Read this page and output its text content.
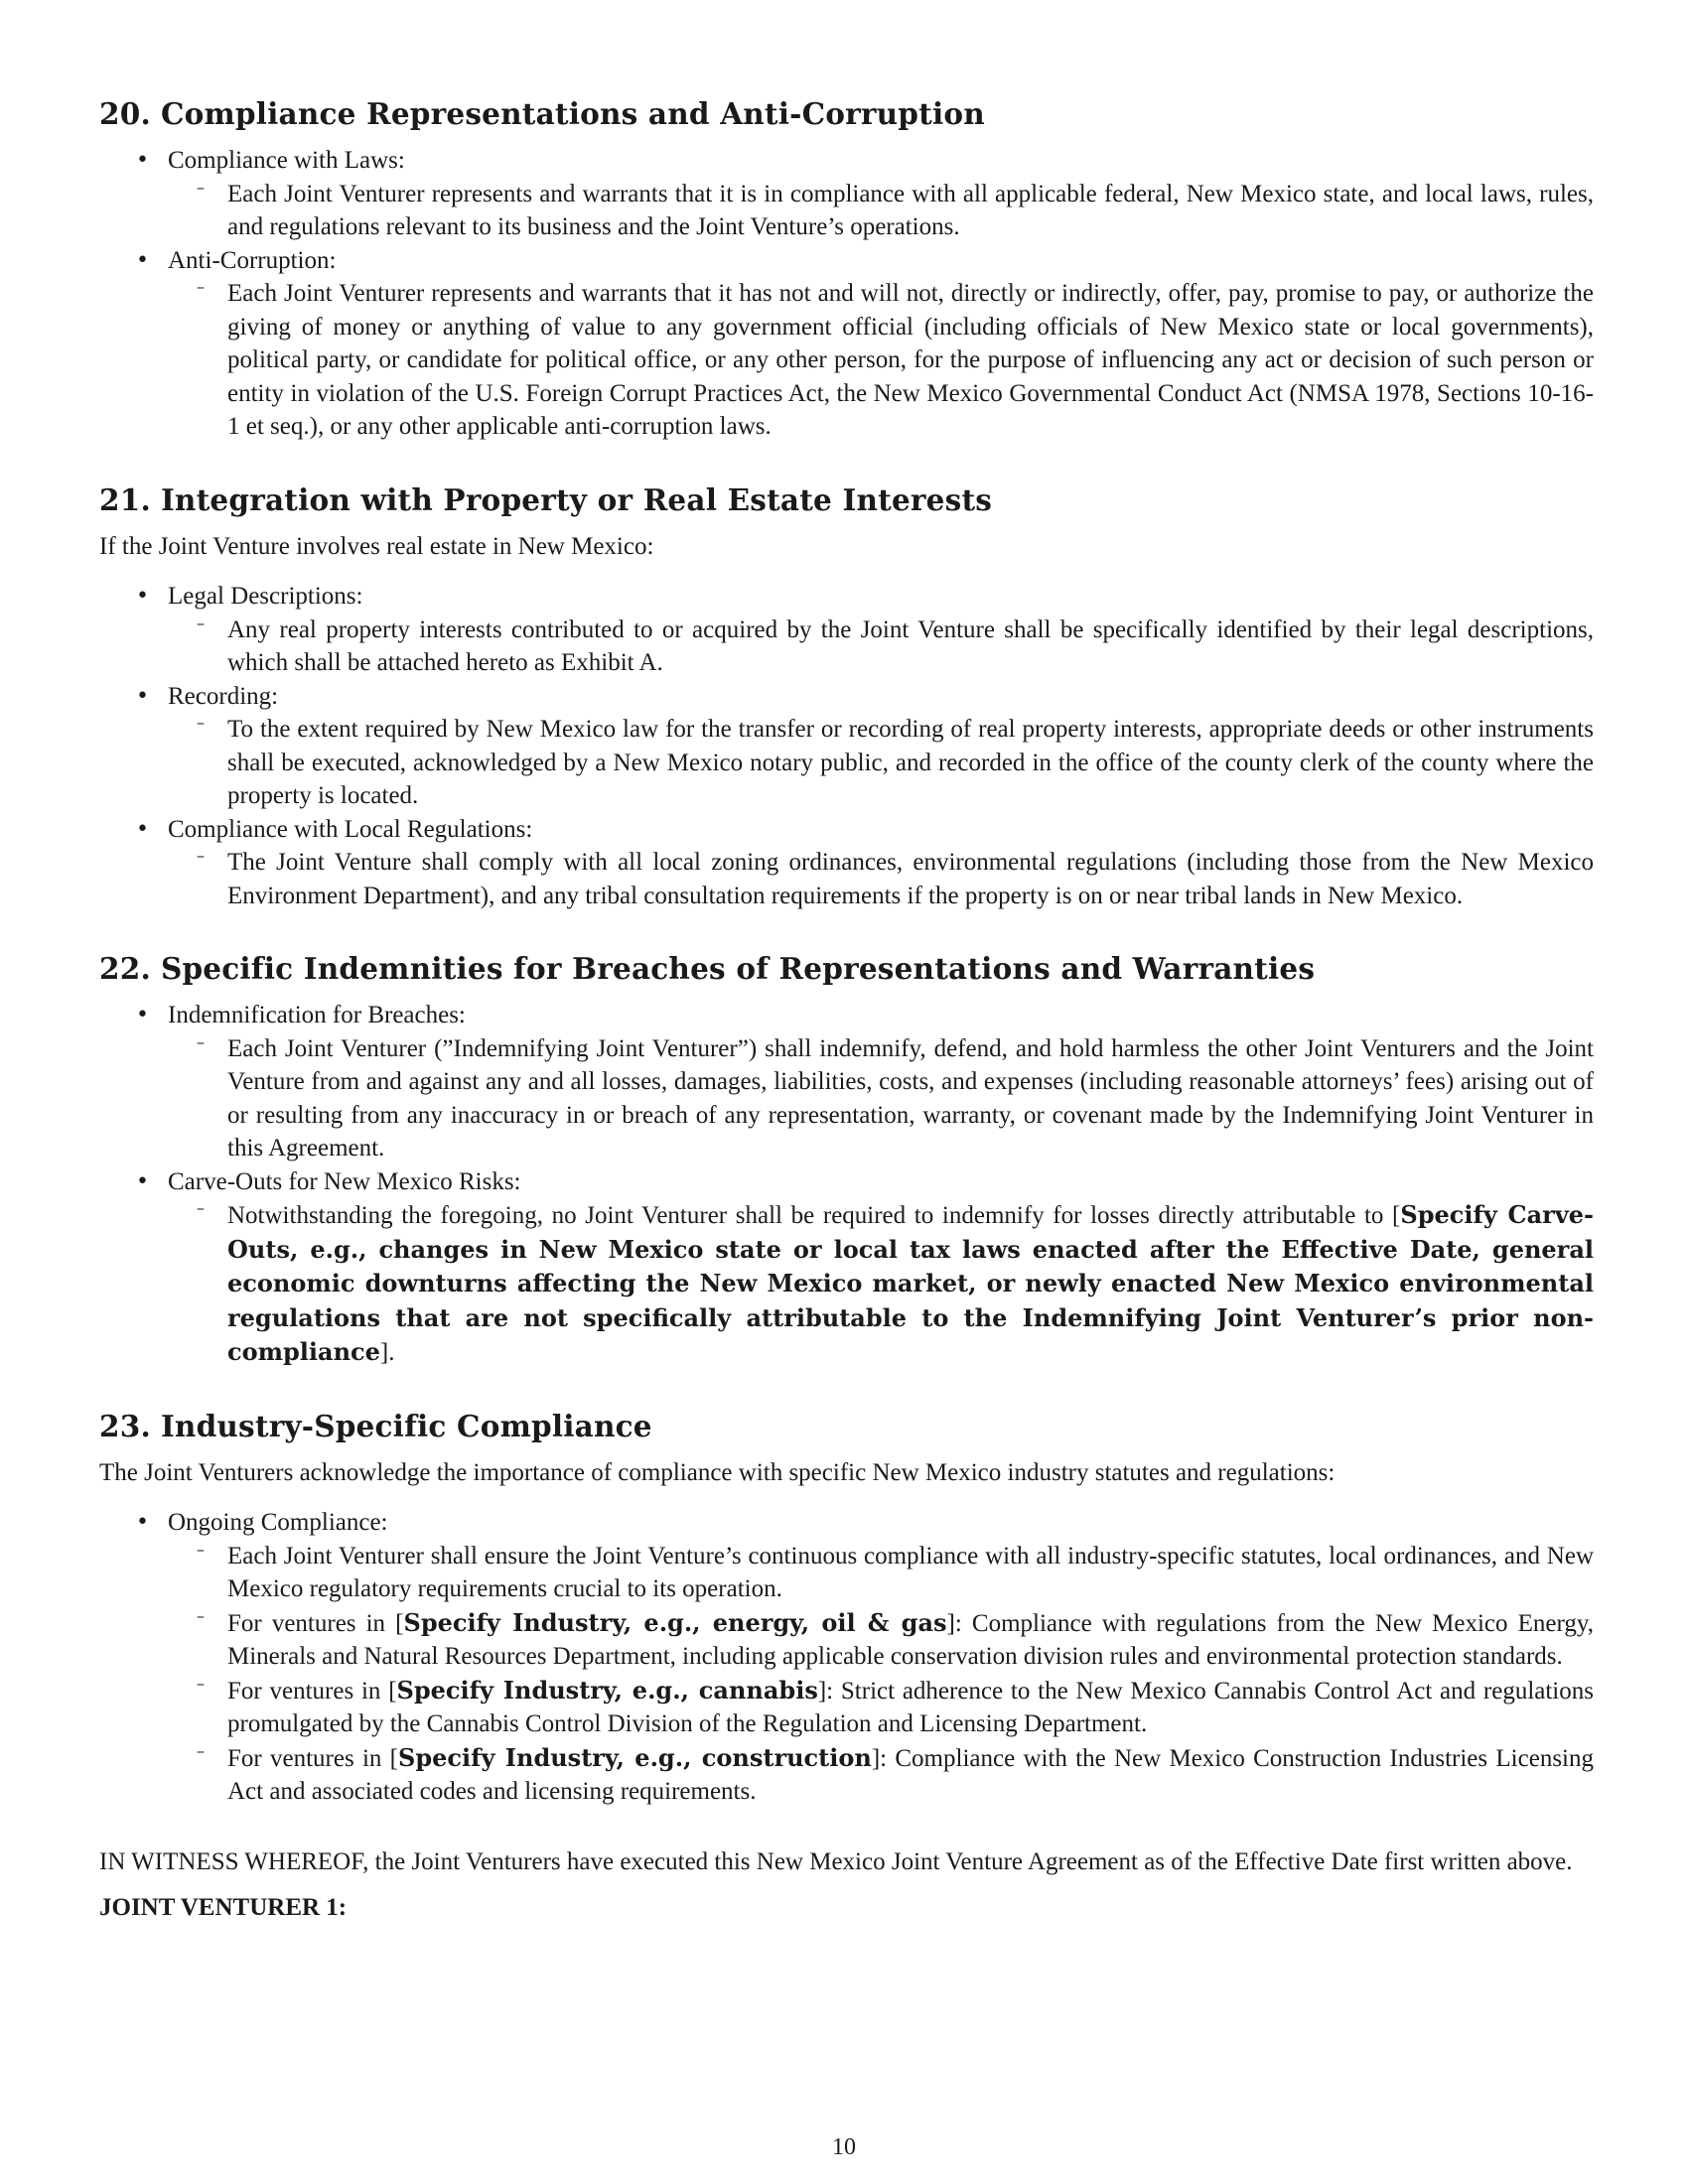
20. Compliance Representations and Anti-Corruption
• Compliance with Laws:
– Each Joint Venturer represents and warrants that it is in compliance with all applicable federal, New Mexico state, and local laws, rules, and regulations relevant to its business and the Joint Venture’s operations.
• Anti-Corruption:
– Each Joint Venturer represents and warrants that it has not and will not, directly or indirectly, offer, pay, promise to pay, or authorize the giving of money or anything of value to any government official (including officials of New Mexico state or local governments), political party, or candidate for political office, or any other person, for the purpose of influencing any act or decision of such person or entity in violation of the U.S. Foreign Corrupt Practices Act, the New Mexico Governmental Conduct Act (NMSA 1978, Sections 10-16-1 et seq.), or any other applicable anti-corruption laws.
21. Integration with Property or Real Estate Interests

If the Joint Venture involves real estate in New Mexico:

• Legal Descriptions:
– Any real property interests contributed to or acquired by the Joint Venture shall be specifically identified by their legal descriptions, which shall be attached hereto as Exhibit A.
• Recording:
– To the extent required by New Mexico law for the transfer or recording of real property interests, appropriate deeds or other instruments shall be executed, acknowledged by a New Mexico notary public, and recorded in the office of the county clerk of the county where the property is located.
• Compliance with Local Regulations:
– The Joint Venture shall comply with all local zoning ordinances, environmental regulations (including those from the New Mexico Environment Department), and any tribal consultation requirements if the property is on or near tribal lands in New Mexico.
22. Specific Indemnities for Breaches of Representations and Warranties
• Indemnification for Breaches:
– Each Joint Venturer (”Indemnifying Joint Venturer”) shall indemnify, defend, and hold harmless the other Joint Venturers and the Joint Venture from and against any and all losses, damages, liabilities, costs, and expenses (including reasonable attorneys’ fees) arising out of or resulting from any inaccuracy in or breach of any representation, warranty, or covenant made by the Indemnifying Joint Venturer in this Agreement.
• Carve-Outs for New Mexico Risks:
– Notwithstanding the foregoing, no Joint Venturer shall be required to indemnify for losses directly attributable to [Specify Carve-Outs, e.g., changes in New Mexico state or local tax laws enacted after the Effective Date, general economic downturns affecting the New Mexico market, or newly enacted New Mexico environmental regulations that are not specifically attributable to the Indemnifying Joint Venturer’s prior non-compliance].
23. Industry-Specific Compliance

The Joint Venturers acknowledge the importance of compliance with specific New Mexico industry statutes and regulations:

• Ongoing Compliance:
– Each Joint Venturer shall ensure the Joint Venture’s continuous compliance with all industry-specific statutes, local ordinances, and New Mexico regulatory requirements crucial to its operation.
– For ventures in [Specify Industry, e.g., energy, oil & gas]: Compliance with regulations from the New Mexico Energy, Minerals and Natural Resources Department, including applicable conservation division rules and environmental protection standards.
– For ventures in [Specify Industry, e.g., cannabis]: Strict adherence to the New Mexico Cannabis Control Act and regulations promulgated by the Cannabis Control Division of the Regulation and Licensing Department.
– For ventures in [Specify Industry, e.g., construction]: Compliance with the New Mexico Construction Industries Licensing Act and associated codes and licensing requirements.

IN WITNESS WHEREOF, the Joint Venturers have executed this New Mexico Joint Venture Agreement as of the Effective Date first written above.

JOINT VENTURER 1:
10
